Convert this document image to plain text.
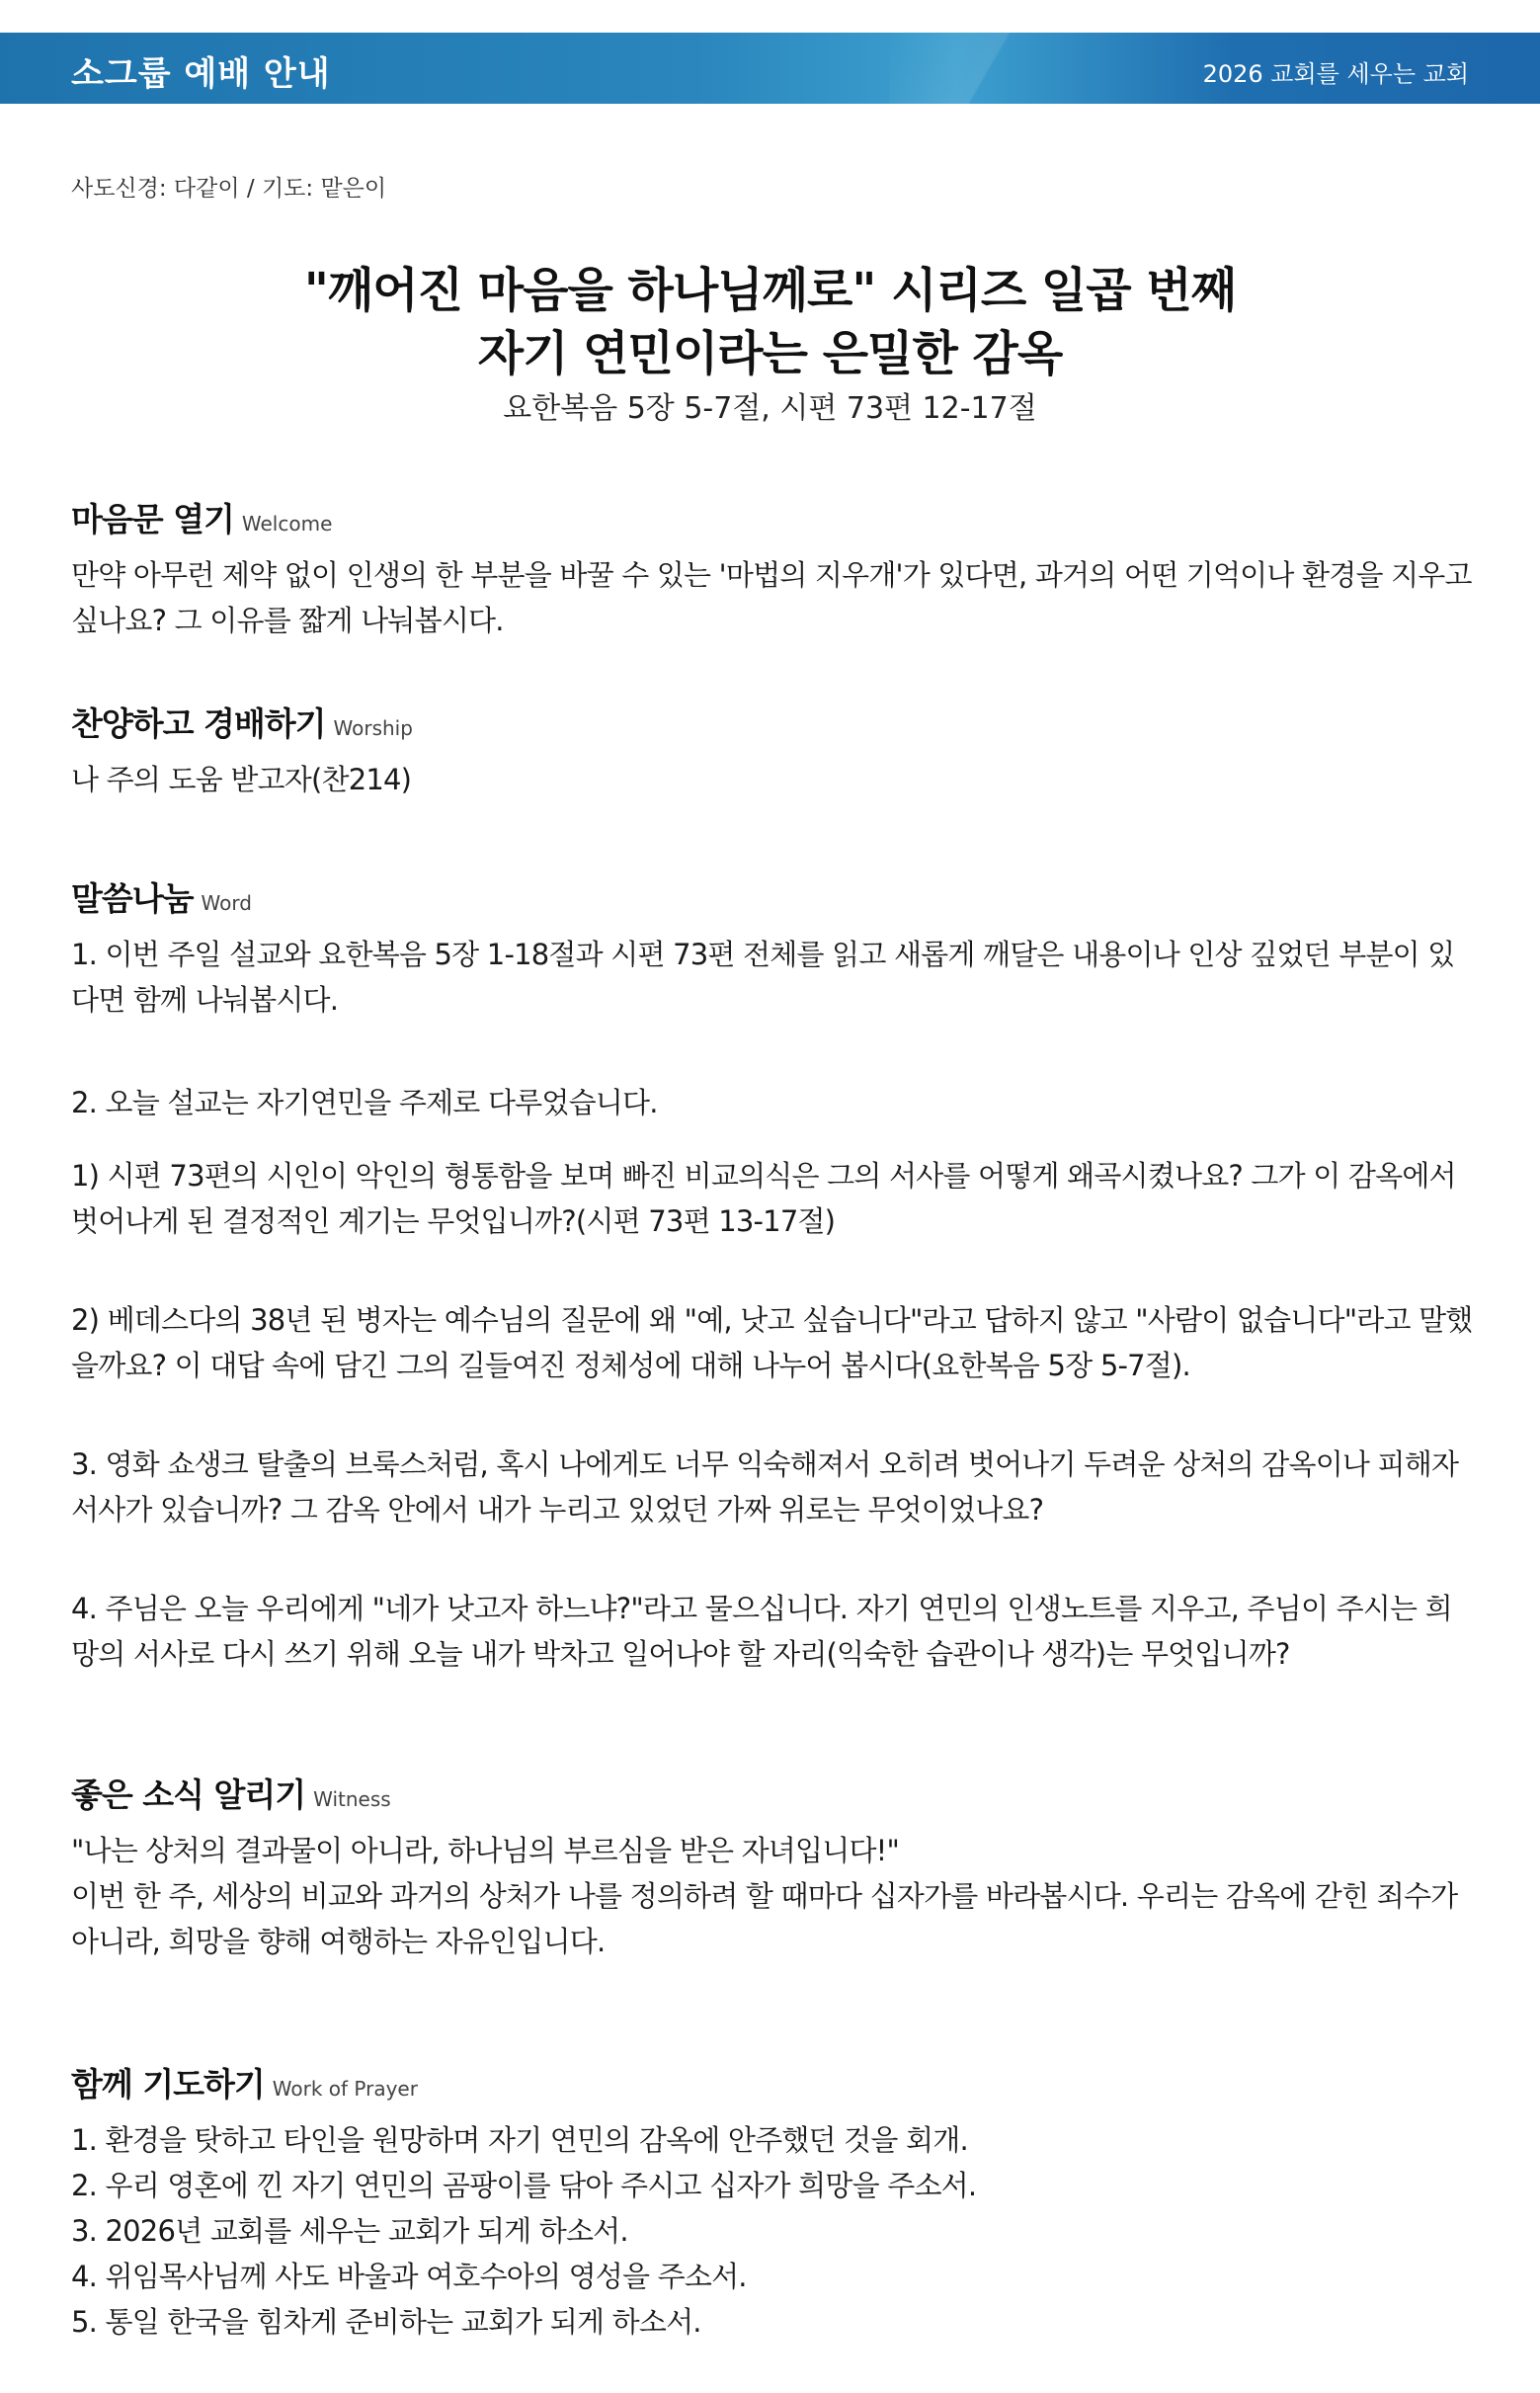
소그룹 예배 안내	2026 교회를 세우는 교회
사도신경: 다같이 / 기도: 맡은이
"깨어진 마음을 하나님께로" 시리즈 일곱 번째
자기 연민이라는 은밀한 감옥
요한복음 5장 5-7절, 시편 73편 12-17절
마음문 열기 Welcome
만약 아무런 제약 없이 인생의 한 부분을 바꿀 수 있는 '마법의 지우개'가 있다면, 과거의 어떤 기억이나 환경을 지우고 싶나요? 그 이유를 짧게 나눠봅시다.
찬양하고 경배하기 Worship
나 주의 도움 받고자(찬214)
말씀나눔 Word

1. 이번 주일 설교와 요한복음 5장 1-18절과 시편 73편 전체를 읽고 새롭게 깨달은 내용이나 인상 깊었던 부분이 있다면 함께 나눠봅시다.

2. 오늘 설교는 자기연민을 주제로 다루었습니다.

1) 시편 73편의 시인이 악인의 형통함을 보며 빠진 비교의식은 그의 서사를 어떻게 왜곡시켰나요? 그가 이 감옥에서 벗어나게 된 결정적인 계기는 무엇입니까?(시편 73편 13-17절)

2) 베데스다의 38년 된 병자는 예수님의 질문에 왜 "예, 낫고 싶습니다"라고 답하지 않고 "사람이 없습니다"라고 말했을까요? 이 대답 속에 담긴 그의 길들여진 정체성에 대해 나누어 봅시다(요한복음 5장 5-7절).

3. 영화 쇼생크 탈출의 브룩스처럼, 혹시 나에게도 너무 익숙해져서 오히려 벗어나기 두려운 상처의 감옥이나 피해자 서사가 있습니까? 그 감옥 안에서 내가 누리고 있었던 가짜 위로는 무엇이었나요?

4. 주님은 오늘 우리에게 "네가 낫고자 하느냐?"라고 물으십니다. 자기 연민의 인생노트를 지우고, 주님이 주시는 희망의 서사로 다시 쓰기 위해 오늘 내가 박차고 일어나야 할 자리(익숙한 습관이나 생각)는 무엇입니까?

좋은 소식 알리기 Witness

"나는 상처의 결과물이 아니라, 하나님의 부르심을 받은 자녀입니다!"

이번 한 주, 세상의 비교와 과거의 상처가 나를 정의하려 할 때마다 십자가를 바라봅시다. 우리는 감옥에 갇힌 죄수가 아니라, 희망을 향해 여행하는 자유인입니다.

함께 기도하기 Work of Prayer

1. 환경을 탓하고 타인을 원망하며 자기 연민의 감옥에 안주했던 것을 회개.

2. 우리 영혼에 낀 자기 연민의 곰팡이를 닦아 주시고 십자가 희망을 주소서.

3. 2026년 교회를 세우는 교회가 되게 하소서.

4. 위임목사님께 사도 바울과 여호수아의 영성을 주소서.

5. 통일 한국을 힘차게 준비하는 교회가 되게 하소서.
